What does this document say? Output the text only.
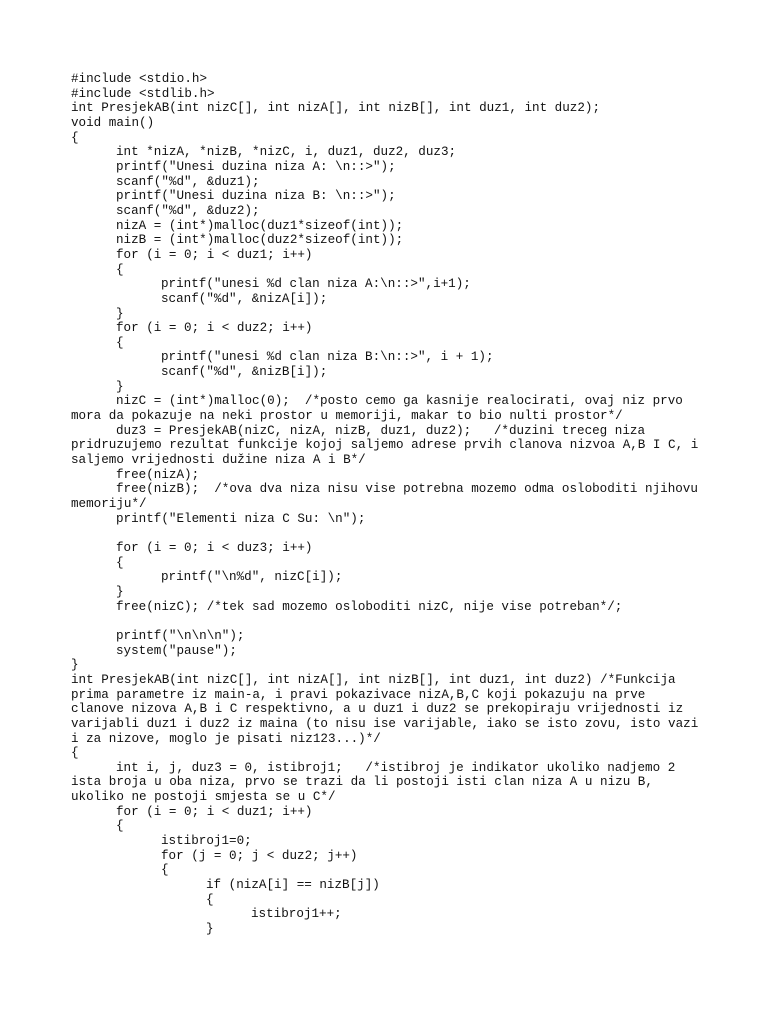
#include <stdio.h>
#include <stdlib.h>
int PresjekAB(int nizC[], int nizA[], int nizB[], int duz1, int duz2);
void main()
{
int *nizA, *nizB, *nizC, i, duz1, duz2, duz3;
printf("Unesi duzina niza A: \n::>");
scanf("%d", &duz1);
printf("Unesi duzina niza B: \n::>");
scanf("%d", &duz2);
nizA = (int*)malloc(duz1*sizeof(int));
nizB = (int*)malloc(duz2*sizeof(int));
for (i = 0; i < duz1; i++)
{
printf("unesi %d clan niza A:\n::>",i+1);
scanf("%d", &nizA[i]);
}
for (i = 0; i < duz2; i++)
{
printf("unesi %d clan niza B:\n::>", i + 1);
scanf("%d", &nizB[i]);
}
nizC = (int*)malloc(0);  /*posto cemo ga kasnije realocirati, ovaj niz prvo
mora da pokazuje na neki prostor u memoriji, makar to bio nulti prostor*/
duz3 = PresjekAB(nizC, nizA, nizB, duz1, duz2);   /*duzini treceg niza
pridruzujemo rezultat funkcije kojoj saljemo adrese prvih clanova nizvoa A,B I C, i
saljemo vrijednosti dužine niza A i B*/
free(nizA);
free(nizB);  /*ova dva niza nisu vise potrebna mozemo odma osloboditi njihovu
memoriju*/
printf("Elementi niza C Su: \n");
for (i = 0; i < duz3; i++)
{
printf("\n%d", nizC[i]);
}
free(nizC); /*tek sad mozemo osloboditi nizC, nije vise potreban*/;
printf("\n\n\n");
system("pause");
}
int PresjekAB(int nizC[], int nizA[], int nizB[], int duz1, int duz2) /*Funkcija
prima parametre iz main-a, i pravi pokazivace nizA,B,C koji pokazuju na prve
clanove nizova A,B i C respektivno, a u duz1 i duz2 se prekopiraju vrijednosti iz
varijabli duz1 i duz2 iz maina (to nisu ise varijable, iako se isto zovu, isto vazi
i za nizove, moglo je pisati niz123...)*/
{
int i, j, duz3 = 0, istibroj1;   /*istibroj je indikator ukoliko nadjemo 2
ista broja u oba niza, prvo se trazi da li postoji isti clan niza A u nizu B,
ukoliko ne postoji smjesta se u C*/
for (i = 0; i < duz1; i++)
{
istibroj1=0;
for (j = 0; j < duz2; j++)
{
if (nizA[i] == nizB[j])
{
istibroj1++;
}
